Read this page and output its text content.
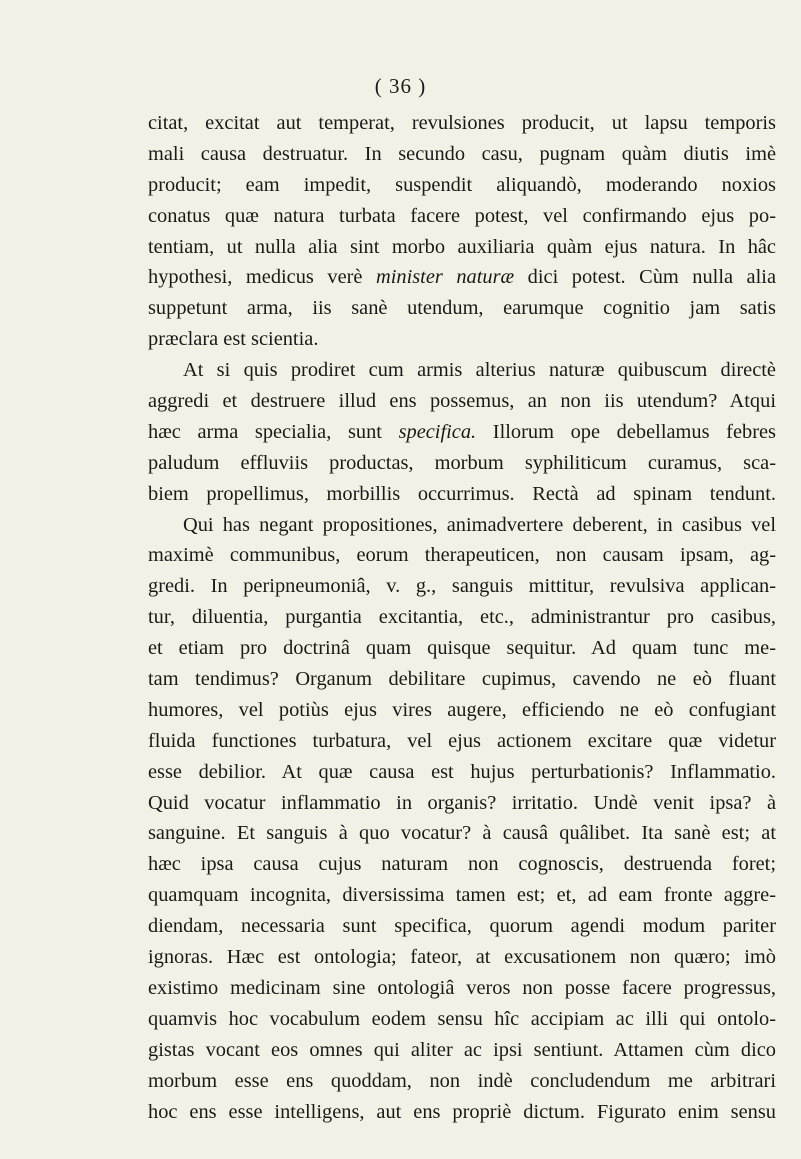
( 36 )
citat, excitat aut temperat, revulsiones producit, ut lapsu temporis
mali causa destruatur. In secundo casu, pugnam quàm diutis imè
producit; eam impedit, suspendit aliquandò, moderando noxios
conatus quæ natura turbata facere potest, vel confirmando ejus po-
tentiam, ut nulla alia sint morbo auxiliaria quàm ejus natura. In hâc
hypothesi, medicus verè minister naturæ dici potest. Cùm nulla alia
suppetunt arma, iis sanè utendum, earumque cognitio jam satis
præclara est scientia.
At si quis prodiret cum armis alterius naturæ quibuscum directè
aggredi et destruere illud ens possemus, an non iis utendum? Atqui
hæc arma specialia, sunt specifica. Illorum ope debellamus febres
paludum effluviis productas, morbum syphiliticum curamus, sca-
biem propellimus, morbillis occurrimus. Rectà ad spinam tendunt.
Qui has negant propositiones, animadvertere deberent, in casibus vel
maximè communibus, eorum therapeuticen, non causam ipsam, ag-
gredi. In peripneumoniâ, v. g., sanguis mittitur, revulsiva applican-
tur, diluentia, purgantia excitantia, etc., administrantur pro casibus,
et etiam pro doctrinâ quam quisque sequitur. Ad quam tunc me-
tam tendimus? Organum debilitare cupimus, cavendo ne eò fluant
humores, vel potiùs ejus vires augere, efficiendo ne eò confugiant
fluida functiones turbatura, vel ejus actionem excitare quæ videtur
esse debilior. At quæ causa est hujus perturbationis? Inflammatio.
Quid vocatur inflammatio in organis? irritatio. Undè venit ipsa? à
sanguine. Et sanguis à quo vocatur? à causâ quâlibet. Ita sanè est; at
hæc ipsa causa cujus naturam non cognoscis, destruenda foret;
quamquam incognita, diversissima tamen est; et, ad eam fronte aggre-
diendam, necessaria sunt specifica, quorum agendi modum pariter
ignoras. Hæc est ontologia; fateor, at excusationem non quæro; imò
existimo medicinam sine ontologiâ veros non posse facere progressus,
quamvis hoc vocabulum eodem sensu hîc accipiam ac illi qui ontolo-
gistas vocant eos omnes qui aliter ac ipsi sentiunt. Attamen cùm dico
morbum esse ens quoddam, non indè concludendum me arbitrari
hoc ens esse intelligens, aut ens propriè dictum. Figurato enim sensu
